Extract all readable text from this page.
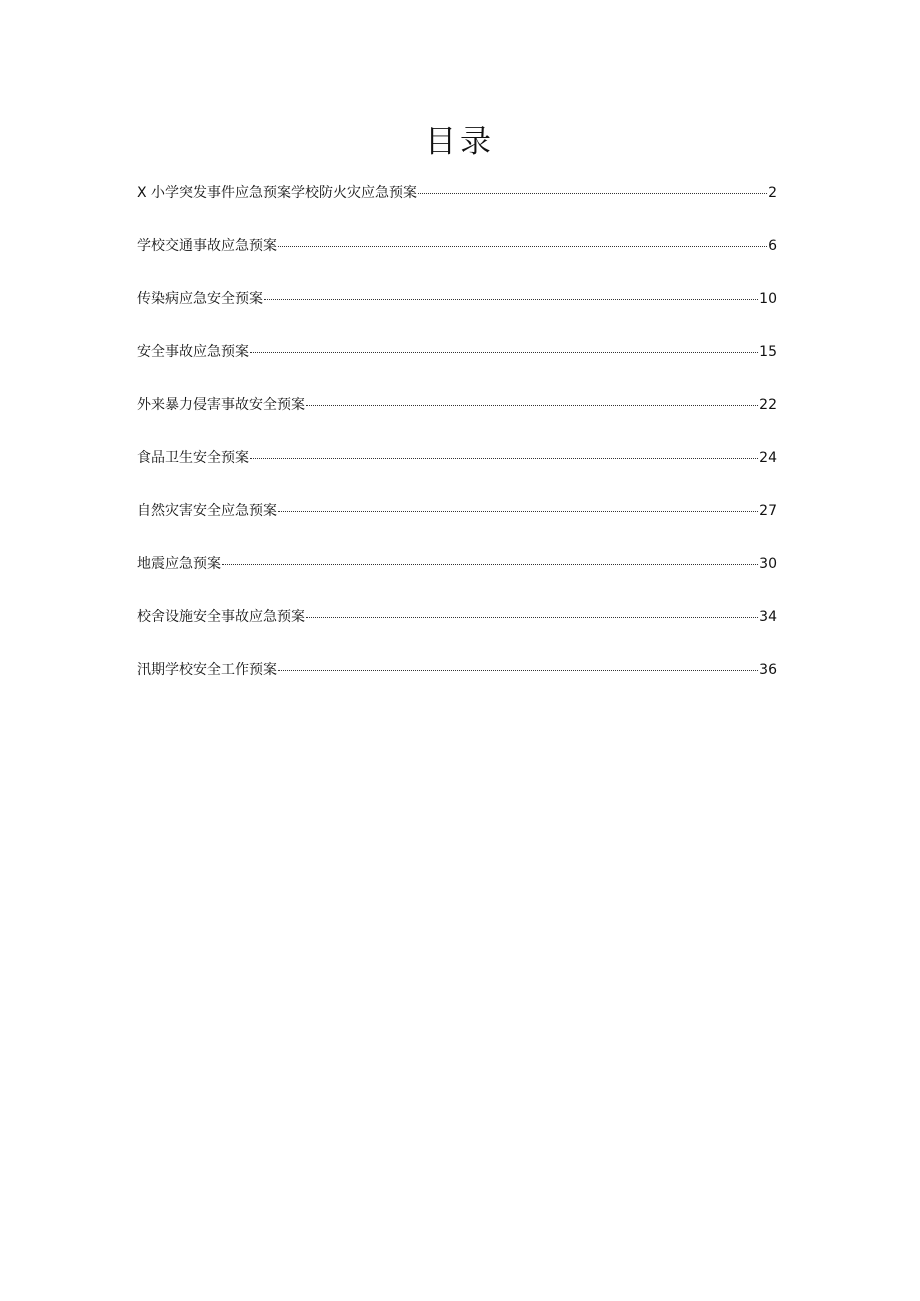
目录
X 小学突发事件应急预案学校防火灾应急预案	2
学校交通事故应急预案	6
传染病应急安全预案	10
安全事故应急预案	15
外来暴力侵害事故安全预案	22
食品卫生安全预案	24
自然灾害安全应急预案	27
地震应急预案	30
校舍设施安全事故应急预案	34
汛期学校安全工作预案	36
